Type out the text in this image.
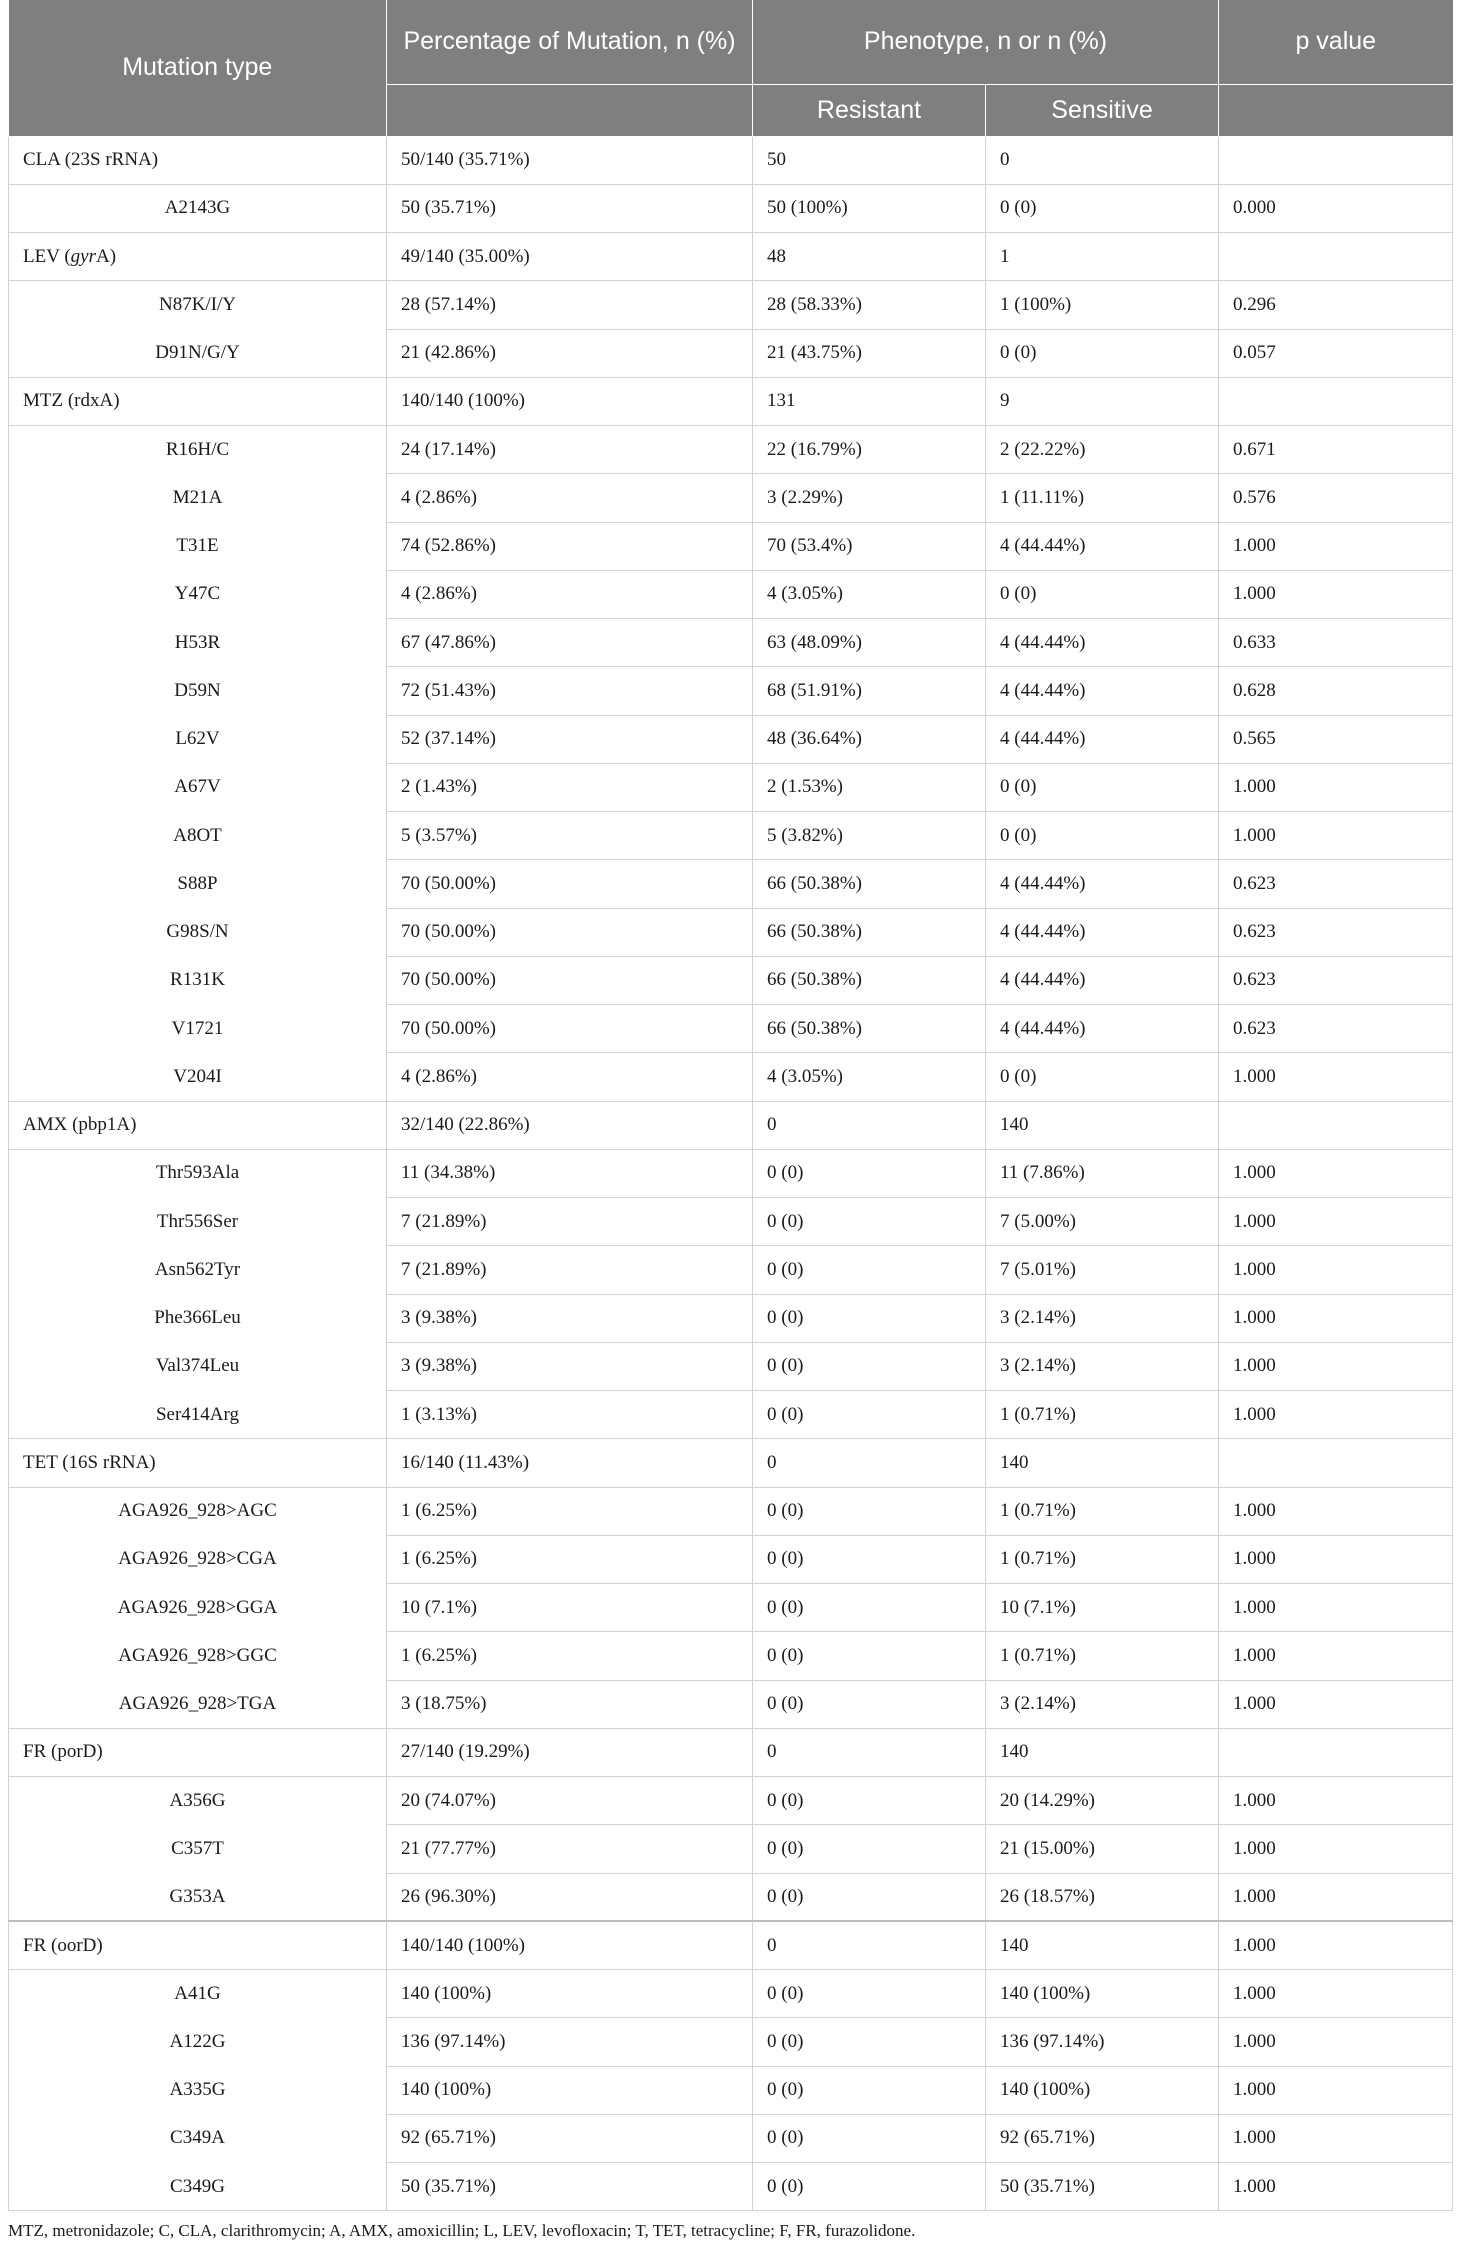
Mutation type	Percentage of Mutation, n (%)	Phenotype, n or n (%)		p value
		Resistant	Sensitive	
CLA (23S rRNA)	50/140 (35.71%)	50	0	
A2143G	50 (35.71%)	50 (100%)	0 (0)	0.000
LEV (gyrA)	49/140 (35.00%)	48	1	
N87K/I/Y	28 (57.14%)	28 (58.33%)	1 (100%)	0.296
D91N/G/Y	21 (42.86%)	21 (43.75%)	0 (0)	0.057
MTZ (rdxA)	140/140 (100%)	131	9	
R16H/C	24 (17.14%)	22 (16.79%)	2 (22.22%)	0.671
M21A	4 (2.86%)	3 (2.29%)	1 (11.11%)	0.576
T31E	74 (52.86%)	70 (53.4%)	4 (44.44%)	1.000
Y47C	4 (2.86%)	4 (3.05%)	0 (0)	1.000
H53R	67 (47.86%)	63 (48.09%)	4 (44.44%)	0.633
D59N	72 (51.43%)	68 (51.91%)	4 (44.44%)	0.628
L62V	52 (37.14%)	48 (36.64%)	4 (44.44%)	0.565
A67V	2 (1.43%)	2 (1.53%)	0 (0)	1.000
A8OT	5 (3.57%)	5 (3.82%)	0 (0)	1.000
S88P	70 (50.00%)	66 (50.38%)	4 (44.44%)	0.623
G98S/N	70 (50.00%)	66 (50.38%)	4 (44.44%)	0.623
R131K	70 (50.00%)	66 (50.38%)	4 (44.44%)	0.623
V1721	70 (50.00%)	66 (50.38%)	4 (44.44%)	0.623
V204I	4 (2.86%)	4 (3.05%)	0 (0)	1.000
AMX (pbp1A)	32/140 (22.86%)	0	140	
Thr593Ala	11 (34.38%)	0 (0)	11 (7.86%)	1.000
Thr556Ser	7 (21.89%)	0 (0)	7 (5.00%)	1.000
Asn562Tyr	7 (21.89%)	0 (0)	7 (5.01%)	1.000
Phe366Leu	3 (9.38%)	0 (0)	3 (2.14%)	1.000
Val374Leu	3 (9.38%)	0 (0)	3 (2.14%)	1.000
Ser414Arg	1 (3.13%)	0 (0)	1 (0.71%)	1.000
TET (16S rRNA)	16/140 (11.43%)	0	140	
AGA926_928>AGC	1 (6.25%)	0 (0)	1 (0.71%)	1.000
AGA926_928>CGA	1 (6.25%)	0 (0)	1 (0.71%)	1.000
AGA926_928>GGA	10 (7.1%)	0 (0)	10 (7.1%)	1.000
AGA926_928>GGC	1 (6.25%)	0 (0)	1 (0.71%)	1.000
AGA926_928>TGA	3 (18.75%)	0 (0)	3 (2.14%)	1.000
FR (porD)	27/140 (19.29%)	0	140	
A356G	20 (74.07%)	0 (0)	20 (14.29%)	1.000
C357T	21 (77.77%)	0 (0)	21 (15.00%)	1.000
G353A	26 (96.30%)	0 (0)	26 (18.57%)	1.000
FR (oorD)	140/140 (100%)	0	140	1.000
A41G	140 (100%)	0 (0)	140 (100%)	1.000
A122G	136 (97.14%)	0 (0)	136 (97.14%)	1.000
A335G	140 (100%)	0 (0)	140 (100%)	1.000
C349A	92 (65.71%)	0 (0)	92 (65.71%)	1.000
C349G	50 (35.71%)	0 (0)	50 (35.71%)	1.000
MTZ, metronidazole; C, CLA, clarithromycin; A, AMX, amoxicillin; L, LEV, levofloxacin; T, TET, tetracycline; F, FR, furazolidone.
